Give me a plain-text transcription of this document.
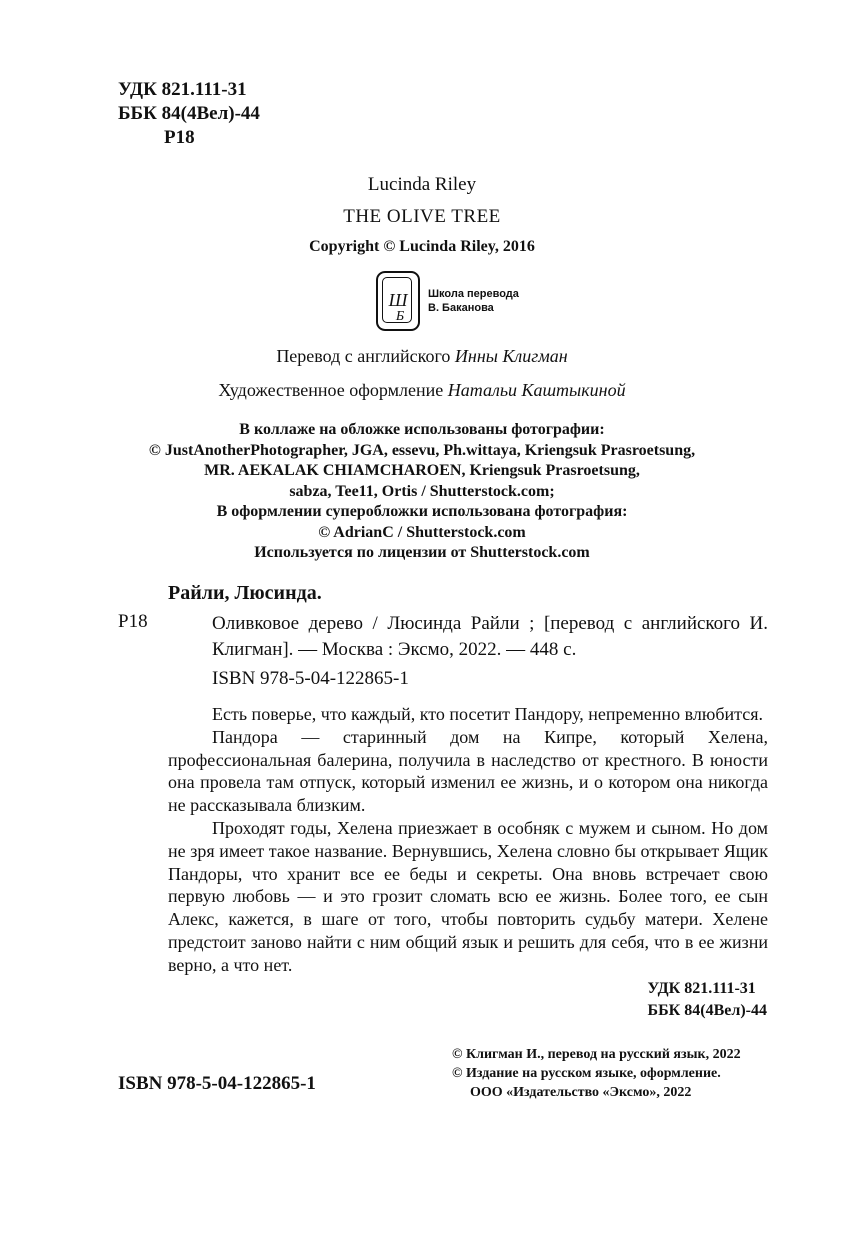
УДК 821.111-31
ББК 84(4Вел)-44
Р18
Lucinda Riley
THE OLIVE TREE
Copyright © Lucinda Riley, 2016
Ш
Б
Школа перевода
В. Баканова
Перевод с английского Инны Клигман
Художественное оформление Натальи Каштыкиной
В коллаже на обложке использованы фотографии:
© JustAnotherPhotographer, JGA, essevu, Ph.wittaya, Kriengsuk Prasroetsung,
MR. AEKALAK CHIAMCHAROEN, Kriengsuk Prasroetsung,
sabza, Tee11, Ortis / Shutterstock.com;
В оформлении суперобложки использована фотография:
© AdrianC / Shutterstock.com
Используется по лицензии от Shutterstock.com
Райли, Люсинда.
Р18	Оливковое дерево / Люсинда Райли ; [перевод с английского И. Клигман]. — Москва : Эксмо, 2022. — 448 с.
ISBN 978-5-04-122865-1

Есть поверье, что каждый, кто посетит Пандору, непременно влюбится.

Пандора — старинный дом на Кипре, который Хелена, профессиональная балерина, получила в наследство от крестного. В юности она провела там отпуск, который изменил ее жизнь, и о котором она никогда не рассказывала близким.

Проходят годы, Хелена приезжает в особняк с мужем и сыном. Но дом не зря имеет такое название. Вернувшись, Хелена словно бы открывает Ящик Пандоры, что хранит все ее беды и секреты. Она вновь встречает свою первую любовь — и это грозит сломать всю ее жизнь. Более того, ее сын Алекс, кажется, в шаге от того, чтобы повторить судьбу матери. Хелене предстоит заново найти с ним общий язык и решить для себя, что в ее жизни верно, а что нет.

УДК 821.111-31
ББК 84(4Вел)-44
© Клигман И., перевод на русский язык, 2022
© Издание на русском языке, оформление.
ООО «Издательство «Эксмо», 2022
ISBN 978-5-04-122865-1
